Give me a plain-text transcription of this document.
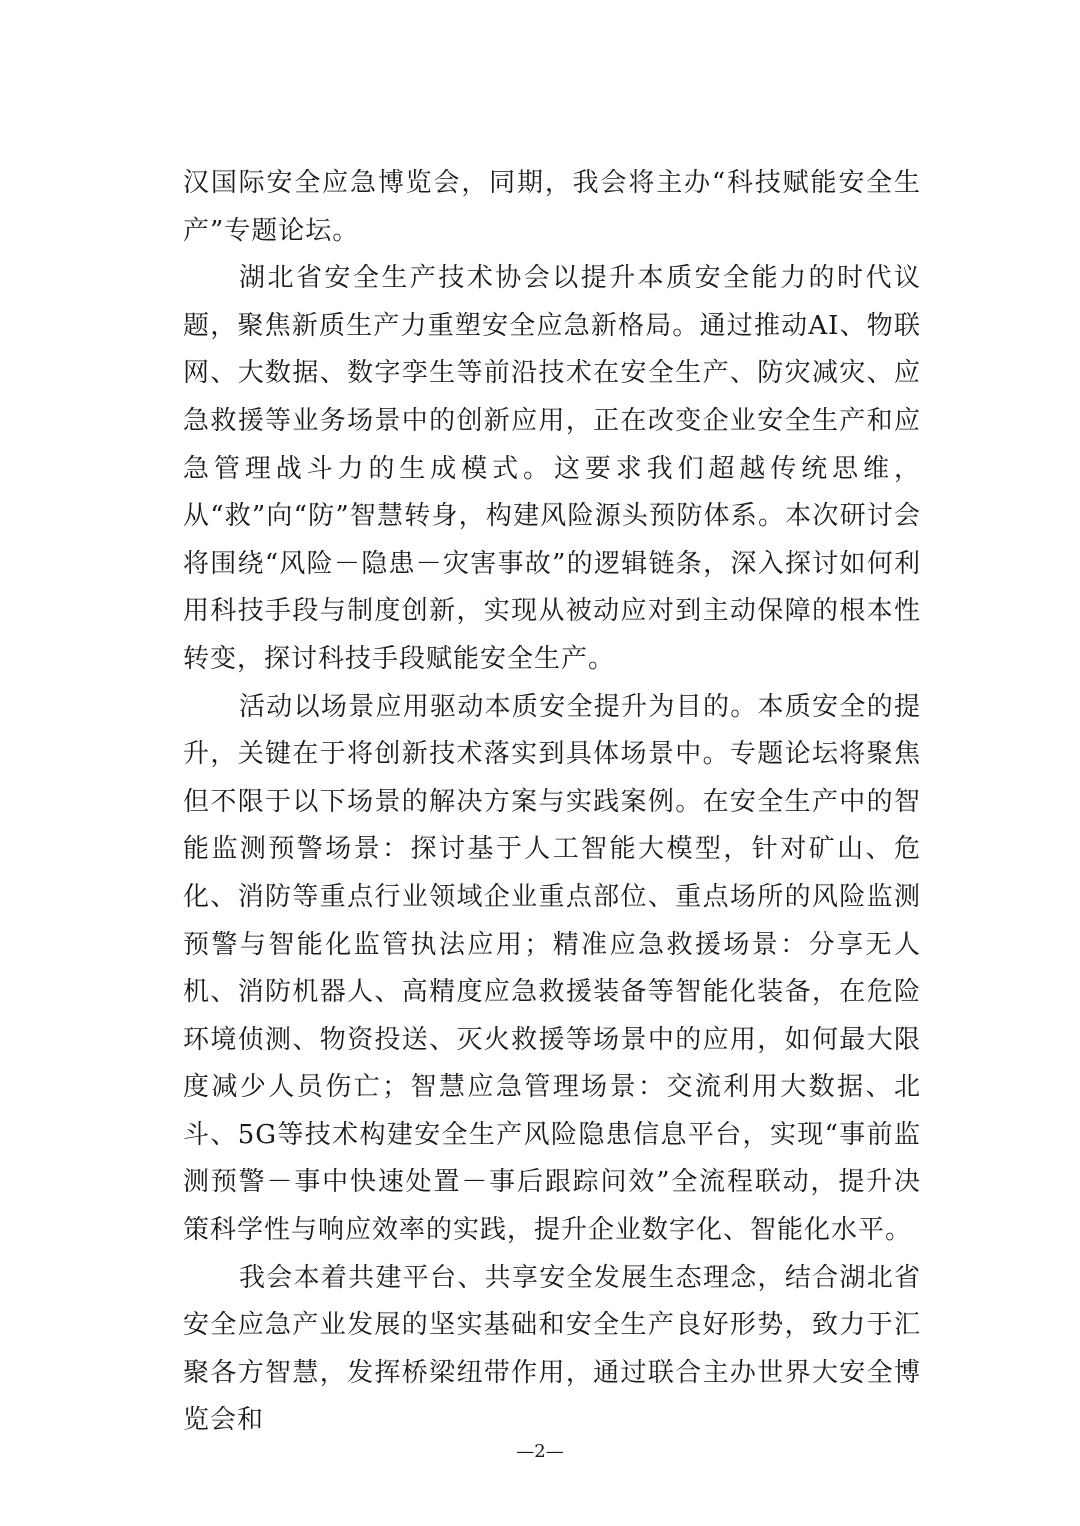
汉国际安全应急博览会，同期，我会将主办“科技赋能安全生产”专题论坛。

湖北省安全生产技术协会以提升本质安全能力的时代议题，聚焦新质生产力重塑安全应急新格局。通过推动AI、物联网、大数据、数字孪生等前沿技术在安全生产、防灾减灾、应急救援等业务场景中的创新应用，正在改变企业安全生产和应急管理战斗力的生成模式。这要求我们超越传统思维，从“救”向“防”智慧转身，构建风险源头预防体系。本次研讨会将围绕“风险－隐患－灾害事故”的逻辑链条，深入探讨如何利用科技手段与制度创新，实现从被动应对到主动保障的根本性转变，探讨科技手段赋能安全生产。

活动以场景应用驱动本质安全提升为目的。本质安全的提升，关键在于将创新技术落实到具体场景中。专题论坛将聚焦但不限于以下场景的解决方案与实践案例。在安全生产中的智能监测预警场景：探讨基于人工智能大模型，针对矿山、危化、消防等重点行业领域企业重点部位、重点场所的风险监测预警与智能化监管执法应用；精准应急救援场景：分享无人机、消防机器人、高精度应急救援装备等智能化装备，在危险环境侦测、物资投送、灭火救援等场景中的应用，如何最大限度减少人员伤亡；智慧应急管理场景：交流利用大数据、北斗、5G等技术构建安全生产风险隐患信息平台，实现“事前监测预警－事中快速处置－事后跟踪问效”全流程联动，提升决策科学性与响应效率的实践，提升企业数字化、智能化水平。

我会本着共建平台、共享安全发展生态理念，结合湖北省安全应急产业发展的坚实基础和安全生产良好形势，致力于汇聚各方智慧，发挥桥梁纽带作用，通过联合主办世界大安全博览会和

—2—
